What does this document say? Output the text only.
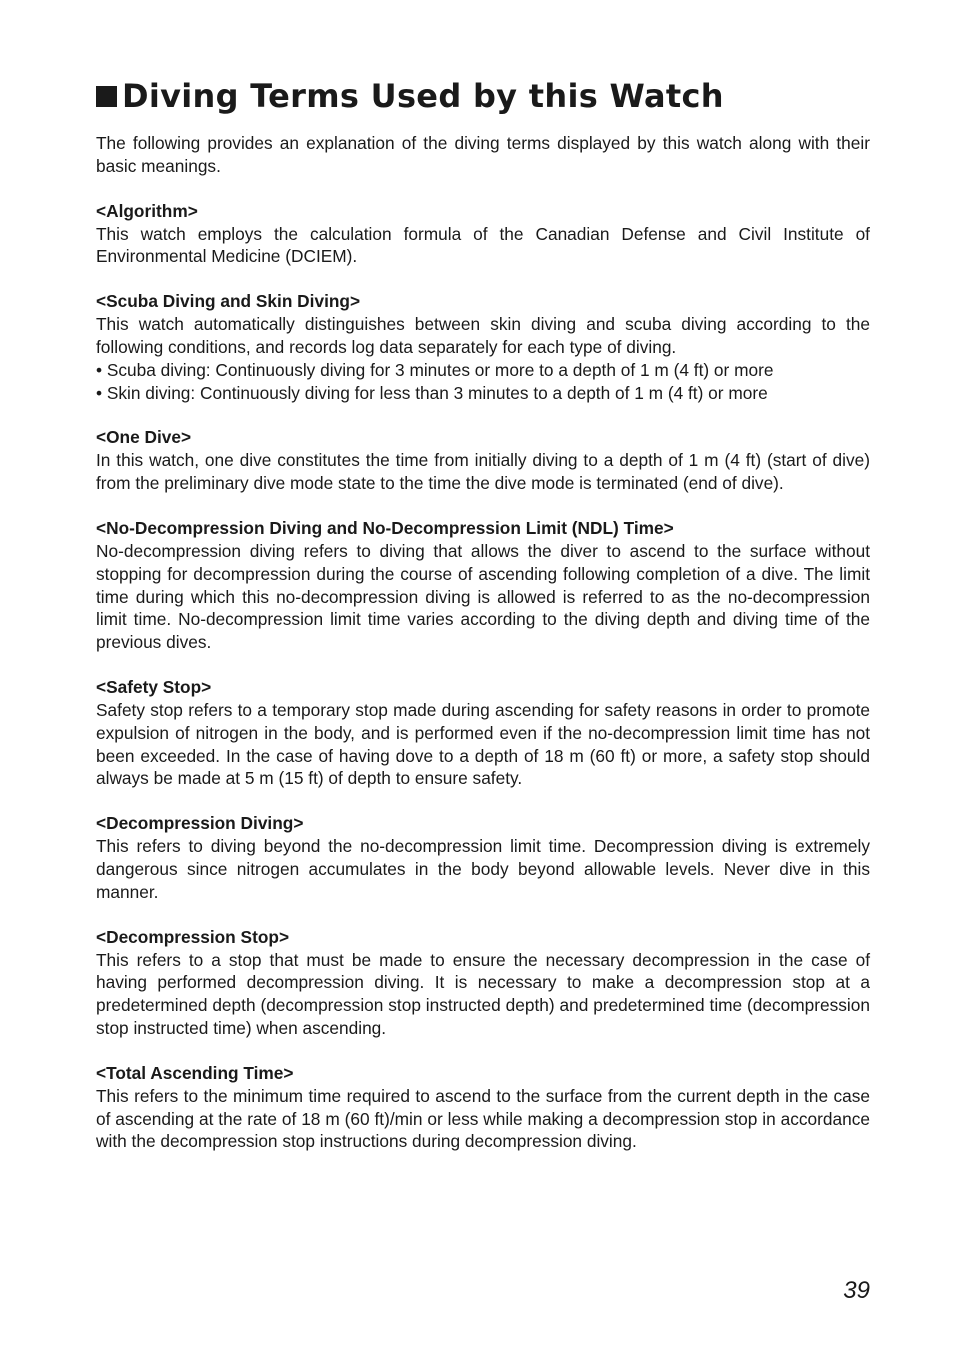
Diving Terms Used by this Watch

The following provides an explanation of the diving terms displayed by this watch along with their basic meanings.

<Algorithm>

This watch employs the calculation formula of the Canadian Defense and Civil Institute of Environmental Medicine (DCIEM).

<Scuba Diving and Skin Diving>

This watch automatically distinguishes between skin diving and scuba diving according to the following conditions, and records log data separately for each type of diving.

• Scuba diving: Continuously diving for 3 minutes or more to a depth of 1 m (4 ft) or more

• Skin diving: Continuously diving for less than 3 minutes to a depth of 1 m (4 ft) or more

<One Dive>

In this watch, one dive constitutes the time from initially diving to a depth of 1 m (4 ft) (start of dive) from the preliminary dive mode state to the time the dive mode is terminated (end of dive).

<No-Decompression Diving and No-Decompression Limit (NDL) Time>

No-decompression diving refers to diving that allows the diver to ascend to the surface without stopping for decompression during the course of ascending following completion of a dive. The limit time during which this no-decompression diving is allowed is referred to as the no-decompression limit time. No-decompression limit time varies according to the diving depth and diving time of the previous dives.

<Safety Stop>

Safety stop refers to a temporary stop made during ascending for safety reasons in order to promote expulsion of nitrogen in the body, and is performed even if the no-decompression limit time has not been exceeded. In the case of having dove to a depth of 18 m (60 ft) or more, a safety stop should always be made at 5 m (15 ft) of depth to ensure safety.

<Decompression Diving>

This refers to diving beyond the no-decompression limit time. Decompression diving is extremely dangerous since nitrogen accumulates in the body beyond allowable levels. Never dive in this manner.

<Decompression Stop>

This refers to a stop that must be made to ensure the necessary decompression in the case of having performed decompression diving. It is necessary to make a decompression stop at a predetermined depth (decompression stop instructed depth) and predetermined time (decompression stop instructed time) when ascending.

<Total Ascending Time>

This refers to the minimum time required to ascend to the surface from the current depth in the case of ascending at the rate of 18 m (60 ft)/min or less while making a decompression stop in accordance with the decompression stop instructions during decompression diving.

39
